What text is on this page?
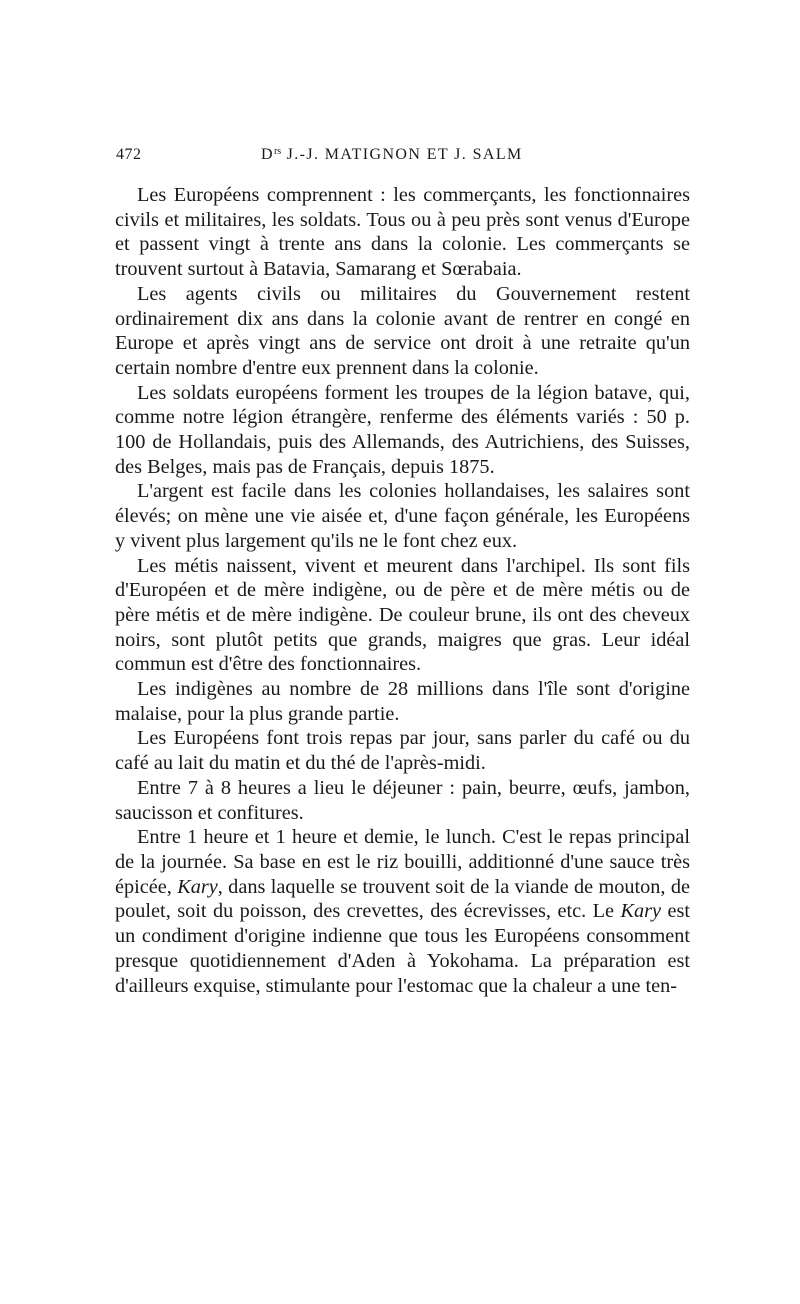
472	$D^{rs}$ J.-J. MATIGNON ET J. SALM

Les Européens comprennent : les commerçants, les fonctionnaires civils et militaires, les soldats. Tous ou à peu près sont venus d'Europe et passent vingt à trente ans dans la colonie. Les commerçants se trouvent surtout à Batavia, Samarang et Sœrabaia.

Les agents civils ou militaires du Gouvernement restent ordinairement dix ans dans la colonie avant de rentrer en congé en Europe et après vingt ans de service ont droit à une retraite qu'un certain nombre d'entre eux prennent dans la colonie.

Les soldats européens forment les troupes de la légion batave, qui, comme notre légion étrangère, renferme des éléments variés : 50 p. 100 de Hollandais, puis des Allemands, des Autrichiens, des Suisses, des Belges, mais pas de Français, depuis 1875.

L'argent est facile dans les colonies hollandaises, les salaires sont élevés; on mène une vie aisée et, d'une façon générale, les Européens y vivent plus largement qu'ils ne le font chez eux.

Les métis naissent, vivent et meurent dans l'archipel. Ils sont fils d'Européen et de mère indigène, ou de père et de mère métis ou de père métis et de mère indigène. De couleur brune, ils ont des cheveux noirs, sont plutôt petits que grands, maigres que gras. Leur idéal commun est d'être des fonctionnaires.

Les indigènes au nombre de 28 millions dans l'île sont d'origine malaise, pour la plus grande partie.

Les Européens font trois repas par jour, sans parler du café ou du café au lait du matin et du thé de l'après-midi.

Entre 7 à 8 heures a lieu le déjeuner : pain, beurre, œufs, jambon, saucisson et confitures.

Entre 1 heure et 1 heure et demie, le lunch. C'est le repas principal de la journée. Sa base en est le riz bouilli, additionné d'une sauce très épicée, Kary, dans laquelle se trouvent soit de la viande de mouton, de poulet, soit du poisson, des crevettes, des écrevisses, etc. Le Kary est un condiment d'origine indienne que tous les Européens consomment presque quotidiennement d'Aden à Yokohama. La préparation est d'ailleurs exquise, stimulante pour l'estomac que la chaleur a une ten-
